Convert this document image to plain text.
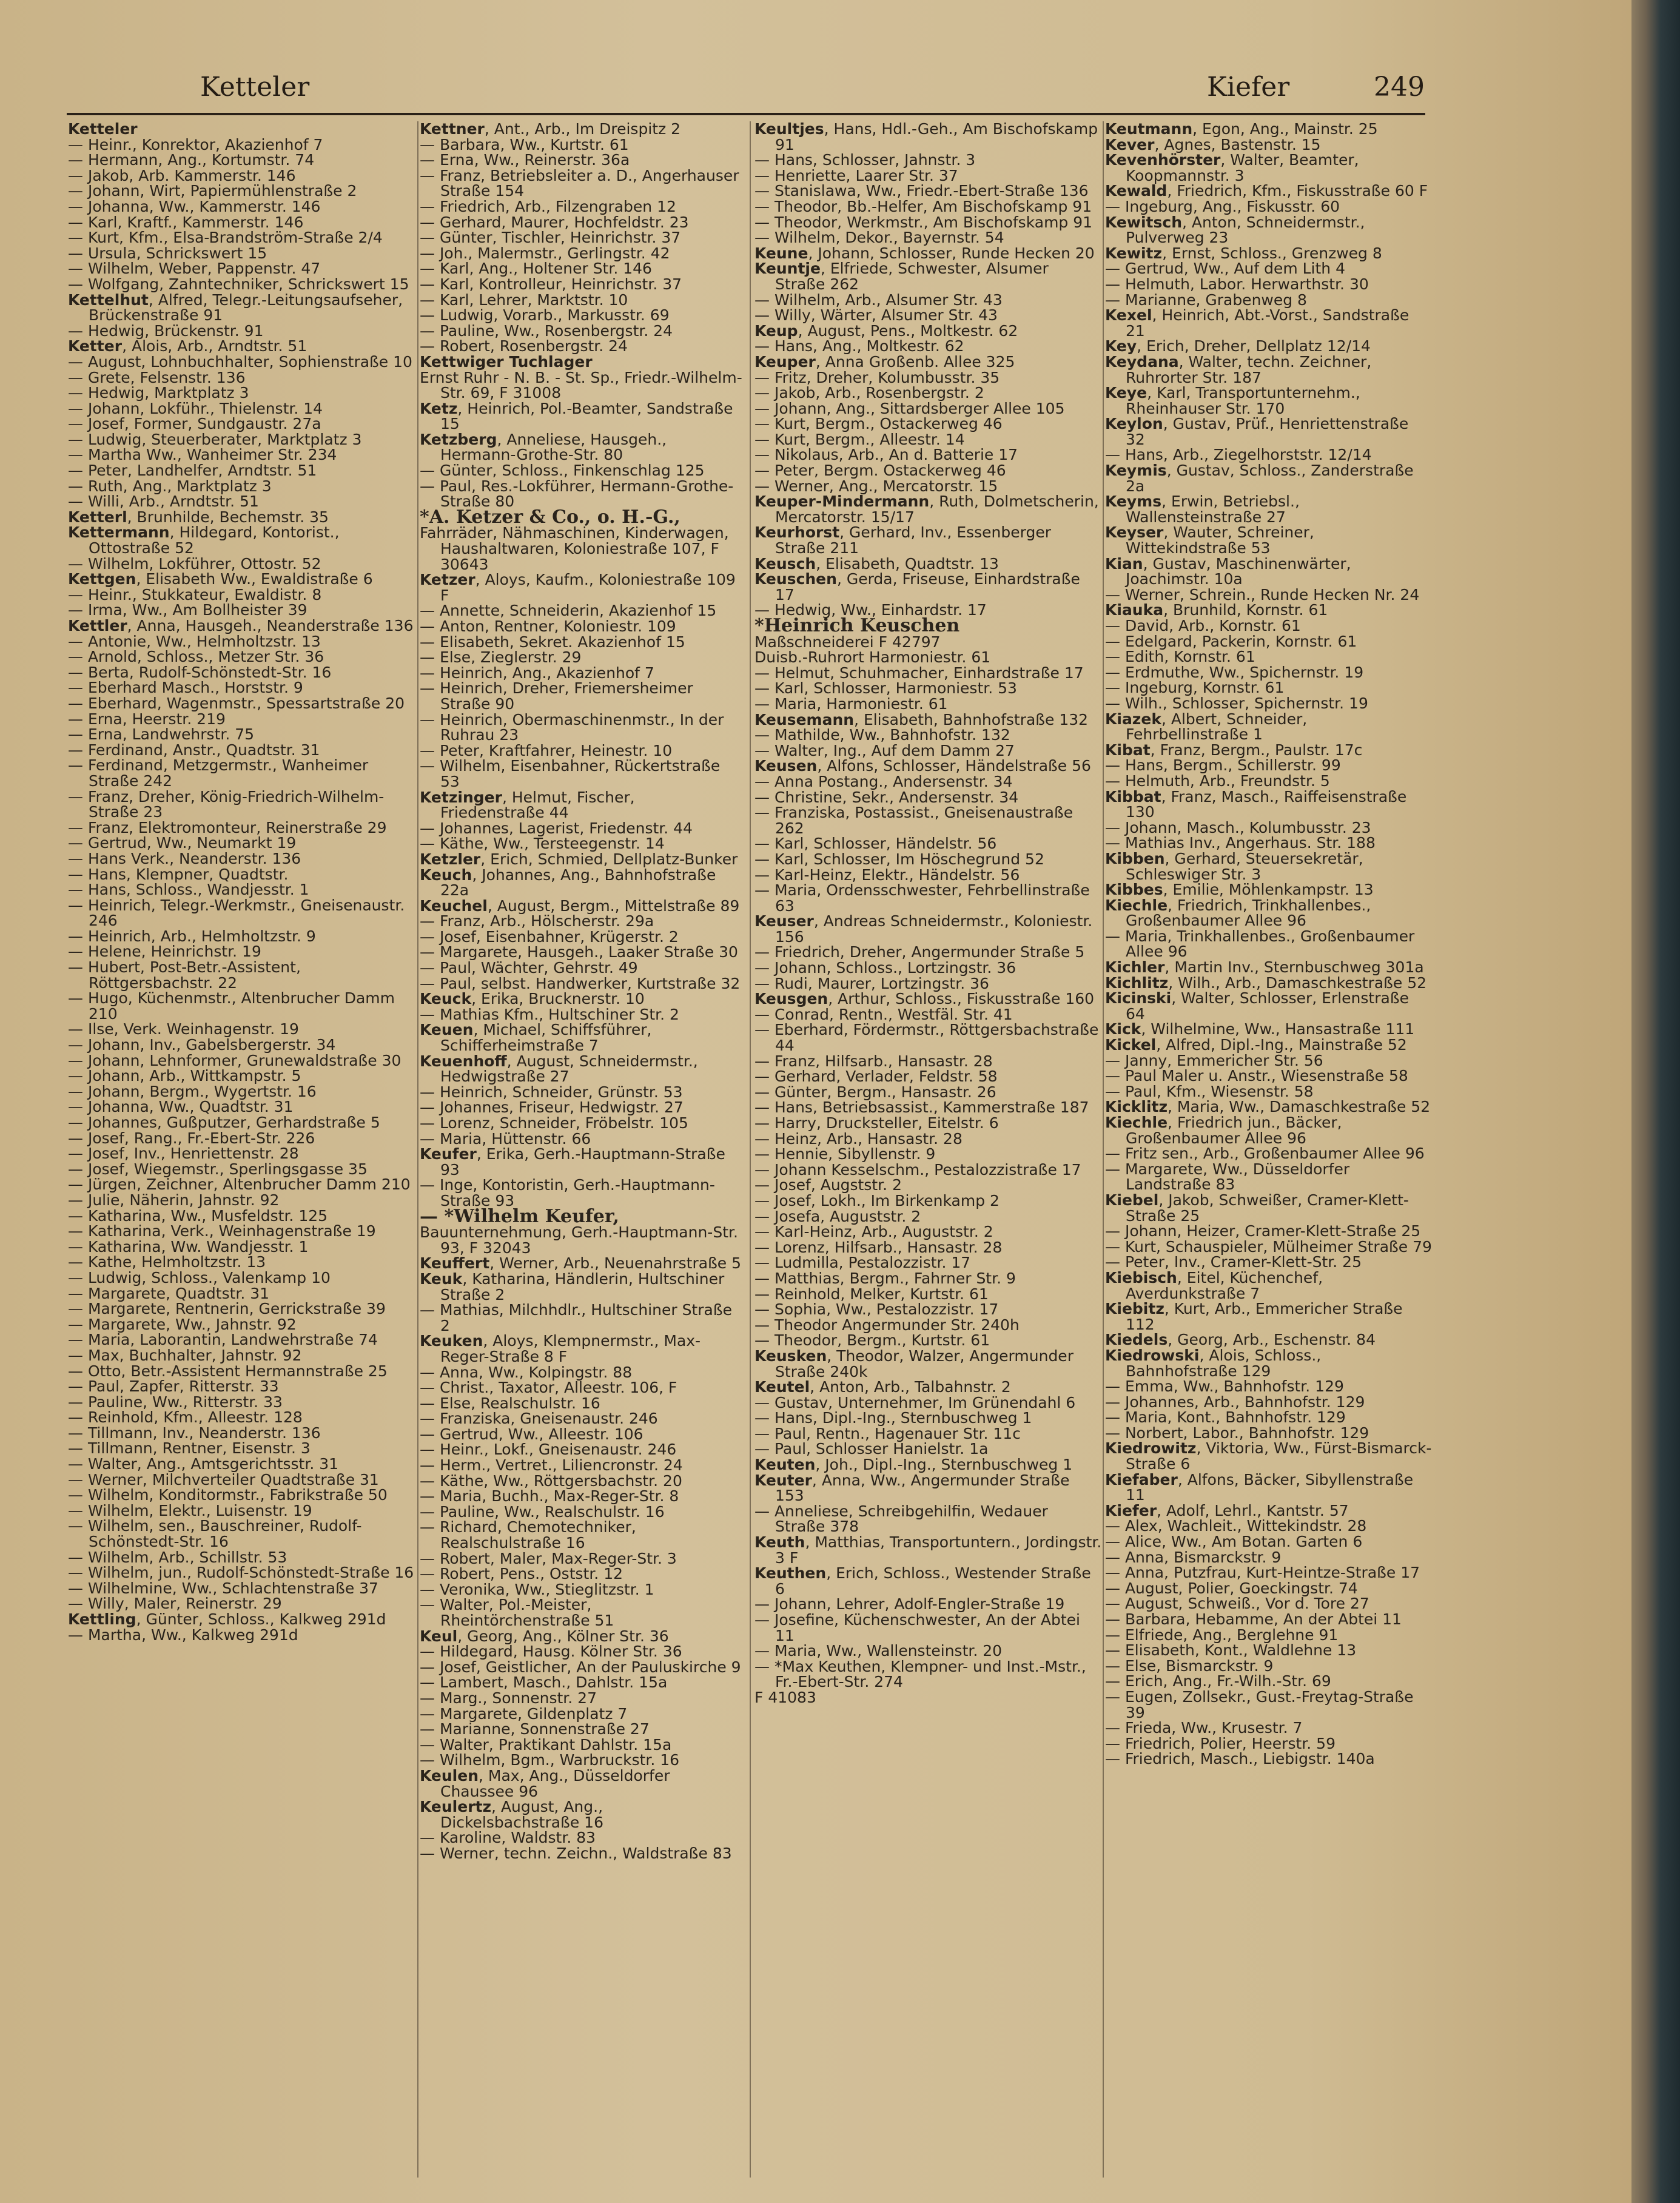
Ketteler	Kiefer	249

Ketteler

— Heinr., Konrektor, Akazienhof 7

— Hermann, Ang., Kortumstr. 74

— Jakob, Arb. Kammerstr. 146

— Johann, Wirt, Papiermühlenstraße 2

— Johanna, Ww., Kammerstr. 146

— Karl, Kraftf., Kammerstr. 146

— Kurt, Kfm., Elsa-Brandström-Straße 2/4

— Ursula, Schrickswert 15

— Wilhelm, Weber, Pappenstr. 47

— Wolfgang, Zahntechniker, Schrickswert 15

Kettelhut, Alfred, Telegr.-Leitungsaufseher, Brückenstraße 91

— Hedwig, Brückenstr. 91

Ketter, Alois, Arb., Arndtstr. 51

— August, Lohnbuchhalter, Sophienstraße 10

— Grete, Felsenstr. 136

— Hedwig, Marktplatz 3

— Johann, Lokführ., Thielenstr. 14

— Josef, Former, Sundgaustr. 27a

— Ludwig, Steuerberater, Marktplatz 3

— Martha Ww., Wanheimer Str. 234

— Peter, Landhelfer, Arndtstr. 51

— Ruth, Ang., Marktplatz 3

— Willi, Arb., Arndtstr. 51

Ketterl, Brunhilde, Bechemstr. 35

Kettermann, Hildegard, Kontorist., Ottostraße 52

— Wilhelm, Lokführer, Ottostr. 52

Kettgen, Elisabeth Ww., Ewaldistraße 6

— Heinr., Stukkateur, Ewaldistr. 8

— Irma, Ww., Am Bollheister 39

Kettler, Anna, Hausgeh., Neanderstraße 136

— Antonie, Ww., Helmholtzstr. 13

— Arnold, Schloss., Metzer Str. 36

— Berta, Rudolf-Schönstedt-Str. 16

— Eberhard Masch., Horststr. 9

— Eberhard, Wagenmstr., Spessartstraße 20

— Erna, Heerstr. 219

— Erna, Landwehrstr. 75

— Ferdinand, Anstr., Quadtstr. 31

— Ferdinand, Metzgermstr., Wanheimer Straße 242

— Franz, Dreher, König-Friedrich-Wilhelm-Straße 23

— Franz, Elektromonteur, Reinerstraße 29

— Gertrud, Ww., Neumarkt 19

— Hans Verk., Neanderstr. 136

— Hans, Klempner, Quadtstr.

— Hans, Schloss., Wandjesstr. 1

— Heinrich, Telegr.-Werkmstr., Gneisenaustr. 246

— Heinrich, Arb., Helmholtzstr. 9

— Helene, Heinrichstr. 19

— Hubert, Post-Betr.-Assistent, Röttgersbachstr. 22

— Hugo, Küchenmstr., Altenbrucher Damm 210

— Ilse, Verk. Weinhagenstr. 19

— Johann, Inv., Gabelsbergerstr. 34

— Johann, Lehnformer, Grunewaldstraße 30

— Johann, Arb., Wittkampstr. 5

— Johann, Bergm., Wygertstr. 16

— Johanna, Ww., Quadtstr. 31

— Johannes, Gußputzer, Gerhardstraße 5

— Josef, Rang., Fr.-Ebert-Str. 226

— Josef, Inv., Henriettenstr. 28

— Josef, Wiegemstr., Sperlingsgasse 35

— Jürgen, Zeichner, Altenbrucher Damm 210

— Julie, Näherin, Jahnstr. 92

— Katharina, Ww., Musfeldstr. 125

— Katharina, Verk., Weinhagenstraße 19

— Katharina, Ww. Wandjesstr. 1

— Kathe, Helmholtzstr. 13

— Ludwig, Schloss., Valenkamp 10

— Margarete, Quadtstr. 31

— Margarete, Rentnerin, Gerrickstraße 39

— Margarete, Ww., Jahnstr. 92

— Maria, Laborantin, Landwehrstraße 74

— Max, Buchhalter, Jahnstr. 92

— Otto, Betr.-Assistent Hermannstraße 25

— Paul, Zapfer, Ritterstr. 33

— Pauline, Ww., Ritterstr. 33

— Reinhold, Kfm., Alleestr. 128

— Tillmann, Inv., Neanderstr. 136

— Tillmann, Rentner, Eisenstr. 3

— Walter, Ang., Amtsgerichtsstr. 31

— Werner, Milchverteiler Quadtstraße 31

— Wilhelm, Konditormstr., Fabrikstraße 50

— Wilhelm, Elektr., Luisenstr. 19

— Wilhelm, sen., Bauschreiner, Rudolf-Schönstedt-Str. 16

— Wilhelm, Arb., Schillstr. 53

— Wilhelm, jun., Rudolf-Schönstedt-Straße 16

— Wilhelmine, Ww., Schlachtenstraße 37

— Willy, Maler, Reinerstr. 29

Kettling, Günter, Schloss., Kalkweg 291d

— Martha, Ww., Kalkweg 291d

Kettner, Ant., Arb., Im Dreispitz 2

— Barbara, Ww., Kurtstr. 61

— Erna, Ww., Reinerstr. 36a

— Franz, Betriebsleiter a. D., Angerhauser Straße 154

— Friedrich, Arb., Filzengraben 12

— Gerhard, Maurer, Hochfeldstr. 23

— Günter, Tischler, Heinrichstr. 37

— Joh., Malermstr., Gerlingstr. 42

— Karl, Ang., Holtener Str. 146

— Karl, Kontrolleur, Heinrichstr. 37

— Karl, Lehrer, Marktstr. 10

— Ludwig, Vorarb., Markusstr. 69

— Pauline, Ww., Rosenbergstr. 24

— Robert, Rosenbergstr. 24

Kettwiger Tuchlager

Ernst Ruhr - N. B. - St. Sp., Friedr.-Wilhelm-Str. 69, F 31008

Ketz, Heinrich, Pol.-Beamter, Sandstraße 15

Ketzberg, Anneliese, Hausgeh., Hermann-Grothe-Str. 80

— Günter, Schloss., Finkenschlag 125

— Paul, Res.-Lokführer, Hermann-Grothe-Straße 80

*A. Ketzer & Co., o. H.-G.,

Fahrräder, Nähmaschinen, Kinderwagen, Haushaltwaren, Koloniestraße 107, F 30643

Ketzer, Aloys, Kaufm., Koloniestraße 109 F

— Annette, Schneiderin, Akazienhof 15

— Anton, Rentner, Koloniestr. 109

— Elisabeth, Sekret. Akazienhof 15

— Else, Zieglerstr. 29

— Heinrich, Ang., Akazienhof 7

— Heinrich, Dreher, Friemersheimer Straße 90

— Heinrich, Obermaschinenmstr., In der Ruhrau 23

— Peter, Kraftfahrer, Heinestr. 10

— Wilhelm, Eisenbahner, Rückertstraße 53

Ketzinger, Helmut, Fischer, Friedenstraße 44

— Johannes, Lagerist, Friedenstr. 44

— Käthe, Ww., Tersteegenstr. 14

Ketzler, Erich, Schmied, Dellplatz-Bunker

Keuch, Johannes, Ang., Bahnhofstraße 22a

Keuchel, August, Bergm., Mittelstraße 89

— Franz, Arb., Hölscherstr. 29a

— Josef, Eisenbahner, Krügerstr. 2

— Margarete, Hausgeh., Laaker Straße 30

— Paul, Wächter, Gehrstr. 49

— Paul, selbst. Handwerker, Kurtstraße 32

Keuck, Erika, Brucknerstr. 10

— Mathias Kfm., Hultschiner Str. 2

Keuen, Michael, Schiffsführer, Schifferheimstraße 7

Keuenhoff, August, Schneidermstr., Hedwigstraße 27

— Heinrich, Schneider, Grünstr. 53

— Johannes, Friseur, Hedwigstr. 27

— Lorenz, Schneider, Fröbelstr. 105

— Maria, Hüttenstr. 66

Keufer, Erika, Gerh.-Hauptmann-Straße 93

— Inge, Kontoristin, Gerh.-Hauptmann-Straße 93

— *Wilhelm Keufer,

Bauunternehmung, Gerh.-Hauptmann-Str. 93, F 32043

Keuffert, Werner, Arb., Neuenahrstraße 5

Keuk, Katharina, Händlerin, Hultschiner Straße 2

— Mathias, Milchhdlr., Hultschiner Straße 2

Keuken, Aloys, Klempnermstr., Max-Reger-Straße 8 F

— Anna, Ww., Kolpingstr. 88

— Christ., Taxator, Alleestr. 106, F

— Else, Realschulstr. 16

— Franziska, Gneisenaustr. 246

— Gertrud, Ww., Alleestr. 106

— Heinr., Lokf., Gneisenaustr. 246

— Herm., Vertret., Liliencronstr. 24

— Käthe, Ww., Röttgersbachstr. 20

— Maria, Buchh., Max-Reger-Str. 8

— Pauline, Ww., Realschulstr. 16

— Richard, Chemotechniker, Realschulstraße 16

— Robert, Maler, Max-Reger-Str. 3

— Robert, Pens., Oststr. 12

— Veronika, Ww., Stieglitzstr. 1

— Walter, Pol.-Meister, Rheintörchenstraße 51

Keul, Georg, Ang., Kölner Str. 36

— Hildegard, Hausg. Kölner Str. 36

— Josef, Geistlicher, An der Pauluskirche 9

— Lambert, Masch., Dahlstr. 15a

— Marg., Sonnenstr. 27

— Margarete, Gildenplatz 7

— Marianne, Sonnenstraße 27

— Walter, Praktikant Dahlstr. 15a

— Wilhelm, Bgm., Warbruckstr. 16

Keulen, Max, Ang., Düsseldorfer Chaussee 96

Keulertz, August, Ang., Dickelsbachstraße 16

— Karoline, Waldstr. 83

— Werner, techn. Zeichn., Waldstraße 83

Keultjes, Hans, Hdl.-Geh., Am Bischofskamp 91

— Hans, Schlosser, Jahnstr. 3

— Henriette, Laarer Str. 37

— Stanislawa, Ww., Friedr.-Ebert-Straße 136

— Theodor, Bb.-Helfer, Am Bischofskamp 91

— Theodor, Werkmstr., Am Bischofskamp 91

— Wilhelm, Dekor., Bayernstr. 54

Keune, Johann, Schlosser, Runde Hecken 20

Keuntje, Elfriede, Schwester, Alsumer Straße 262

— Wilhelm, Arb., Alsumer Str. 43

— Willy, Wärter, Alsumer Str. 43

Keup, August, Pens., Moltkestr. 62

— Hans, Ang., Moltkestr. 62

Keuper, Anna Großenb. Allee 325

— Fritz, Dreher, Kolumbusstr. 35

— Jakob, Arb., Rosenbergstr. 2

— Johann, Ang., Sittardsberger Allee 105

— Kurt, Bergm., Ostackerweg 46

— Kurt, Bergm., Alleestr. 14

— Nikolaus, Arb., An d. Batterie 17

— Peter, Bergm. Ostackerweg 46

— Werner, Ang., Mercatorstr. 15

Keuper-Mindermann, Ruth, Dolmetscherin, Mercatorstr. 15/17

Keurhorst, Gerhard, Inv., Essenberger Straße 211

Keusch, Elisabeth, Quadtstr. 13

Keuschen, Gerda, Friseuse, Einhardstraße 17

— Hedwig, Ww., Einhardstr. 17

*Heinrich Keuschen

Maßschneiderei F 42797

Duisb.-Ruhrort Harmoniestr. 61

— Helmut, Schuhmacher, Einhardstraße 17

— Karl, Schlosser, Harmoniestr. 53

— Maria, Harmoniestr. 61

Keusemann, Elisabeth, Bahnhofstraße 132

— Mathilde, Ww., Bahnhofstr. 132

— Walter, Ing., Auf dem Damm 27

Keusen, Alfons, Schlosser, Händelstraße 56

— Anna Postang., Andersenstr. 34

— Christine, Sekr., Andersenstr. 34

— Franziska, Postassist., Gneisenaustraße 262

— Karl, Schlosser, Händelstr. 56

— Karl, Schlosser, Im Höschegrund 52

— Karl-Heinz, Elektr., Händelstr. 56

— Maria, Ordensschwester, Fehrbellinstraße 63

Keuser, Andreas Schneidermstr., Koloniestr. 156

— Friedrich, Dreher, Angermunder Straße 5

— Johann, Schloss., Lortzingstr. 36

— Rudi, Maurer, Lortzingstr. 36

Keusgen, Arthur, Schloss., Fiskusstraße 160

— Conrad, Rentn., Westfäl. Str. 41

— Eberhard, Fördermstr., Röttgersbachstraße 44

— Franz, Hilfsarb., Hansastr. 28

— Gerhard, Verlader, Feldstr. 58

— Günter, Bergm., Hansastr. 26

— Hans, Betriebsassist., Kammerstraße 187

— Harry, Drucksteller, Eitelstr. 6

— Heinz, Arb., Hansastr. 28

— Hennie, Sibyllenstr. 9

— Johann Kesselschm., Pestalozzistraße 17

— Josef, Augststr. 2

— Josef, Lokh., Im Birkenkamp 2

— Josefa, Auguststr. 2

— Karl-Heinz, Arb., Auguststr. 2

— Lorenz, Hilfsarb., Hansastr. 28

— Ludmilla, Pestalozzistr. 17

— Matthias, Bergm., Fahrner Str. 9

— Reinhold, Melker, Kurtstr. 61

— Sophia, Ww., Pestalozzistr. 17

— Theodor Angermunder Str. 240h

— Theodor, Bergm., Kurtstr. 61

Keusken, Theodor, Walzer, Angermunder Straße 240k

Keutel, Anton, Arb., Talbahnstr. 2

— Gustav, Unternehmer, Im Grünendahl 6

— Hans, Dipl.-Ing., Sternbuschweg 1

— Paul, Rentn., Hagenauer Str. 11c

— Paul, Schlosser Hanielstr. 1a

Keuten, Joh., Dipl.-Ing., Sternbuschweg 1

Keuter, Anna, Ww., Angermunder Straße 153

— Anneliese, Schreibgehilfin, Wedauer Straße 378

Keuth, Matthias, Transportuntern., Jordingstr. 3 F

Keuthen, Erich, Schloss., Westender Straße 6

— Johann, Lehrer, Adolf-Engler-Straße 19

— Josefine, Küchenschwester, An der Abtei 11

— Maria, Ww., Wallensteinstr. 20

— *Max Keuthen, Klempner- und Inst.-Mstr., Fr.-Ebert-Str. 274

F 41083

Keutmann, Egon, Ang., Mainstr. 25

Kever, Agnes, Bastenstr. 15

Kevenhörster, Walter, Beamter, Koopmannstr. 3

Kewald, Friedrich, Kfm., Fiskusstraße 60 F

— Ingeburg, Ang., Fiskusstr. 60

Kewitsch, Anton, Schneidermstr., Pulverweg 23

Kewitz, Ernst, Schloss., Grenzweg 8

— Gertrud, Ww., Auf dem Lith 4

— Helmuth, Labor. Herwarthstr. 30

— Marianne, Grabenweg 8

Kexel, Heinrich, Abt.-Vorst., Sandstraße 21

Key, Erich, Dreher, Dellplatz 12/14

Keydana, Walter, techn. Zeichner, Ruhrorter Str. 187

Keye, Karl, Transportunternehm., Rheinhauser Str. 170

Keylon, Gustav, Prüf., Henriettenstraße 32

— Hans, Arb., Ziegelhorststr. 12/14

Keymis, Gustav, Schloss., Zanderstraße 2a

Keyms, Erwin, Betriebsl., Wallensteinstraße 27

Keyser, Wauter, Schreiner, Wittekindstraße 53

Kian, Gustav, Maschinenwärter, Joachimstr. 10a

— Werner, Schrein., Runde Hecken Nr. 24

Kiauka, Brunhild, Kornstr. 61

— David, Arb., Kornstr. 61

— Edelgard, Packerin, Kornstr. 61

— Edith, Kornstr. 61

— Erdmuthe, Ww., Spichernstr. 19

— Ingeburg, Kornstr. 61

— Wilh., Schlosser, Spichernstr. 19

Kiazek, Albert, Schneider, Fehrbellinstraße 1

Kibat, Franz, Bergm., Paulstr. 17c

— Hans, Bergm., Schillerstr. 99

— Helmuth, Arb., Freundstr. 5

Kibbat, Franz, Masch., Raiffeisenstraße 130

— Johann, Masch., Kolumbusstr. 23

— Mathias Inv., Angerhaus. Str. 188

Kibben, Gerhard, Steuersekretär, Schleswiger Str. 3

Kibbes, Emilie, Möhlenkampstr. 13

Kiechle, Friedrich, Trinkhallenbes., Großenbaumer Allee 96

— Maria, Trinkhallenbes., Großenbaumer Allee 96

Kichler, Martin Inv., Sternbuschweg 301a

Kichlitz, Wilh., Arb., Damaschkestraße 52

Kicinski, Walter, Schlosser, Erlenstraße 64

Kick, Wilhelmine, Ww., Hansastraße 111

Kickel, Alfred, Dipl.-Ing., Mainstraße 52

— Janny, Emmericher Str. 56

— Paul Maler u. Anstr., Wiesenstraße 58

— Paul, Kfm., Wiesenstr. 58

Kicklitz, Maria, Ww., Damaschkestraße 52

Kiechle, Friedrich jun., Bäcker, Großenbaumer Allee 96

— Fritz sen., Arb., Großenbaumer Allee 96

— Margarete, Ww., Düsseldorfer Landstraße 83

Kiebel, Jakob, Schweißer, Cramer-Klett-Straße 25

— Johann, Heizer, Cramer-Klett-Straße 25

— Kurt, Schauspieler, Mülheimer Straße 79

— Peter, Inv., Cramer-Klett-Str. 25

Kiebisch, Eitel, Küchenchef, Averdunkstraße 7

Kiebitz, Kurt, Arb., Emmericher Straße 112

Kiedels, Georg, Arb., Eschenstr. 84

Kiedrowski, Alois, Schloss., Bahnhofstraße 129

— Emma, Ww., Bahnhofstr. 129

— Johannes, Arb., Bahnhofstr. 129

— Maria, Kont., Bahnhofstr. 129

— Norbert, Labor., Bahnhofstr. 129

Kiedrowitz, Viktoria, Ww., Fürst-Bismarck-Straße 6

Kiefaber, Alfons, Bäcker, Sibyllenstraße 11

Kiefer, Adolf, Lehrl., Kantstr. 57

— Alex, Wachleit., Wittekindstr. 28

— Alice, Ww., Am Botan. Garten 6

— Anna, Bismarckstr. 9

— Anna, Putzfrau, Kurt-Heintze-Straße 17

— August, Polier, Goeckingstr. 74

— August, Schweiß., Vor d. Tore 27

— Barbara, Hebamme, An der Abtei 11

— Elfriede, Ang., Berglehne 91

— Elisabeth, Kont., Waldlehne 13

— Else, Bismarckstr. 9

— Erich, Ang., Fr.-Wilh.-Str. 69

— Eugen, Zollsekr., Gust.-Freytag-Straße 39

— Frieda, Ww., Krusestr. 7

— Friedrich, Polier, Heerstr. 59

— Friedrich, Masch., Liebigstr. 140a
